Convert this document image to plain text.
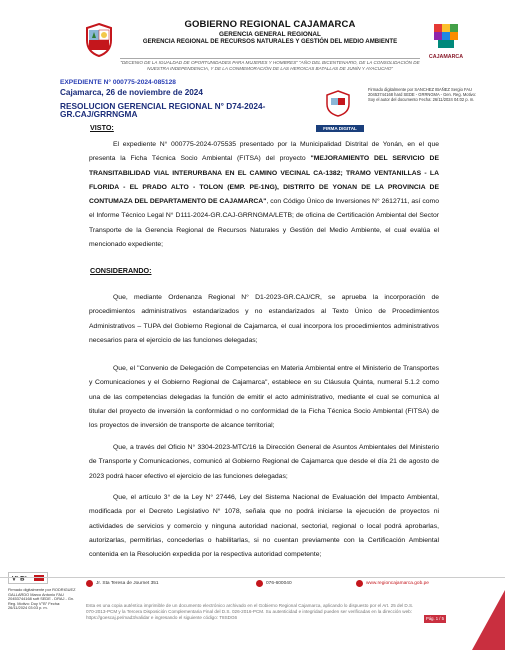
GOBIERNO REGIONAL CAJAMARCA
GERENCIA GENERAL REGIONAL
GERENCIA REGIONAL DE RECURSOS NATURALES Y GESTIÓN DEL MEDIO AMBIENTE
CAJAMARCA
"DECENIO DE LA IGUALDAD DE OPORTUNIDADES PARA MUJERES Y HOMBRES" "AÑO DEL BICENTENARIO, DE LA CONSOLIDACIÓN DE NUESTRA INDEPENDENCIA, Y DE LA CONMEMORACIÓN DE LAS HEROICAS BATALLAS DE JUNÍN Y AYACUCHO"
EXPEDIENTE N° 000775-2024-085128
Cajamarca, 26 de noviembre de 2024
RESOLUCION GERENCIAL REGIONAL N° D74-2024-GR.CAJ/GRRNGMA
VISTO:	FIRMA DIGITAL
Firmado digitalmente por SANCHEZ IBAÑEZ Sergio FAU 20453744168 hard SEDE - GRRNGMA - Gen. Reg. Motivo: Soy el autor del documento Fecha: 26/11/2024 04:02 p. m.
El expediente N° 000775-2024-075535 presentado por la Municipalidad Distrital de Yonán, en el que presenta la Ficha Técnica Socio Ambiental (FITSA) del proyecto "MEJORAMIENTO DEL SERVICIO DE TRANSITABILIDAD VIAL INTERURBANA EN EL CAMINO VECINAL CA-1382; TRAMO VENTANILLAS - LA FLORIDA - EL PRADO ALTO - TOLON (EMP. PE-1NG), DISTRITO DE YONAN DE LA PROVINCIA DE CONTUMAZA DEL DEPARTAMENTO DE CAJAMARCA", con Código Único de Inversiones N° 2612711, así como el Informe Técnico Legal N° D111-2024-GR.CAJ-GRRNGMA/LETB; de oficina de Certificación Ambiental del Sector Transporte de la Gerencia Regional de Recursos Naturales y Gestión del Medio Ambiente, el cual evalúa el mencionado expediente;
CONSIDERANDO:
Que, mediante Ordenanza Regional N° D1-2023-GR.CAJ/CR, se aprueba la incorporación de procedimientos administrativos estandarizados y no estandarizados al Texto Único de Procedimientos Administrativos – TUPA del Gobierno Regional de Cajamarca, el cual incorpora los procedimientos administrativos necesarios para el ejercicio de las funciones delegadas;
Que, el "Convenio de Delegación de Competencias en Materia Ambiental entre el Ministerio de Transportes y Comunicaciones y el Gobierno Regional de Cajamarca", establece en su Cláusula Quinta, numeral 5.1.2 como una de las competencias delegadas la función de emitir el acto administrativo, mediante el cual se comunica al titular del proyecto de inversión la conformidad o no conformidad de la Ficha Técnica Socio Ambiental (FITSA) de los proyectos de inversión de transporte de alcance territorial;
Que, a través del Oficio N° 3304-2023-MTC/16 la Dirección General de Asuntos Ambientales del Ministerio de Transporte y Comunicaciones, comunicó al Gobierno Regional de Cajamarca que desde el día 21 de agosto de 2023 podrá hacer efectivo el ejercicio de las funciones delegadas;
Que, el artículo 3° de la Ley N° 27446, Ley del Sistema Nacional de Evaluación del Impacto Ambiental, modificada por el Decreto Legislativo N° 1078, señala que no podrá iniciarse la ejecución de proyectos ni actividades de servicios y comercio y ninguna autoridad nacional, sectorial, regional o local podrá aprobarlas, autorizarlas, permitirlas, concederlas o habilitarlas, si no cuentan previamente con la Certificación Ambiental contenida en la Resolución expedida por la respectiva autoridad competente;
V° B°
Firmado digitalmente por RODRIGUEZ GALLARDO Marco Antonio FAU 20453744168 soft SEDE - DRAJ - Gn. Reg. Motivo: Doy V°B° Fecha: 26/11/2024 03:03 p. m.
Jr. Sta Teresa de Journet 351	076-600040	www.regioncajamarca.gob.pe
Esta es una copia auténtica imprimible de un documento electrónico archivado en el Gobierno Regional Cajamarca, aplicando lo dispuesto por el Art. 25 del D.S. 070-2013-PCM y la Tercera Disposición Complementaria Final del D.S. 026-2016-PCM. Su autenticidad e integridad pueden ser verificadas en la dirección web: https://goescaj.pe/mad3/validar e ingresando el siguiente código: T8SDG6	Pág. 1 / 5
